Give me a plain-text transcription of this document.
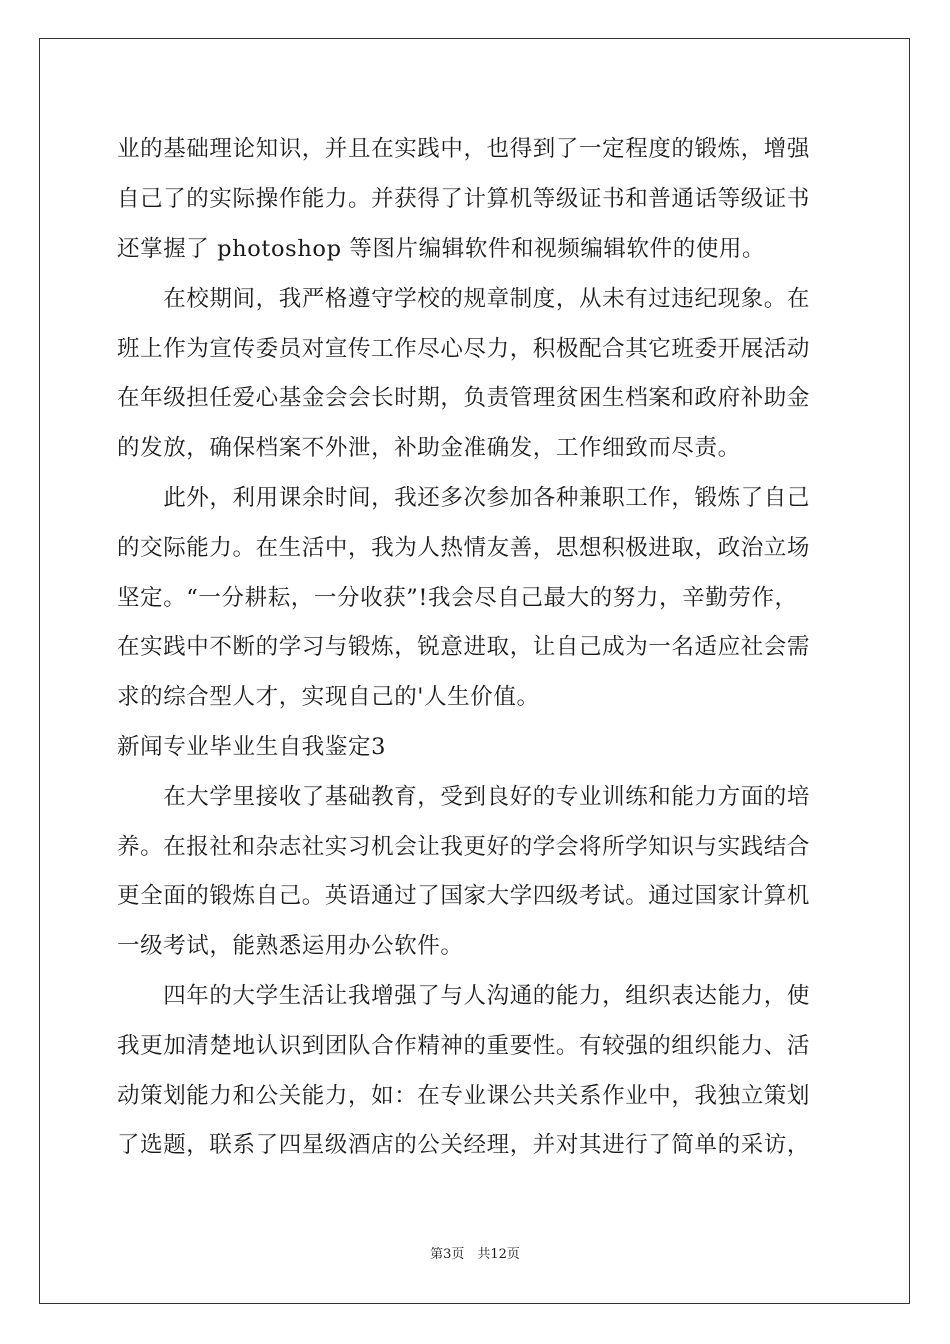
业的基础理论知识，并且在实践中，也得到了一定程度的锻炼，增强
自己了的实际操作能力。并获得了计算机等级证书和普通话等级证书
还掌握了 photoshop 等图片编辑软件和视频编辑软件的使用。
　　在校期间，我严格遵守学校的规章制度，从未有过违纪现象。在
班上作为宣传委员对宣传工作尽心尽力，积极配合其它班委开展活动
在年级担任爱心基金会会长时期，负责管理贫困生档案和政府补助金
的发放，确保档案不外泄，补助金准确发，工作细致而尽责。
　　此外，利用课余时间，我还多次参加各种兼职工作，锻炼了自己
的交际能力。在生活中，我为人热情友善，思想积极进取，政治立场
坚定。“一分耕耘，一分收获”!我会尽自己最大的努力，辛勤劳作，
在实践中不断的学习与锻炼，锐意进取，让自己成为一名适应社会需
求的综合型人才，实现自己的'人生价值。
新闻专业毕业生自我鉴定3
　　在大学里接收了基础教育，受到良好的专业训练和能力方面的培
养。在报社和杂志社实习机会让我更好的学会将所学知识与实践结合
更全面的锻炼自己。英语通过了国家大学四级考试。通过国家计算机
一级考试，能熟悉运用办公软件。
　　四年的大学生活让我增强了与人沟通的能力，组织表达能力，使
我更加清楚地认识到团队合作精神的重要性。有较强的组织能力、活
动策划能力和公关能力，如：在专业课公共关系作业中，我独立策划
了选题，联系了四星级酒店的公关经理，并对其进行了简单的采访，
第3页　共12页
